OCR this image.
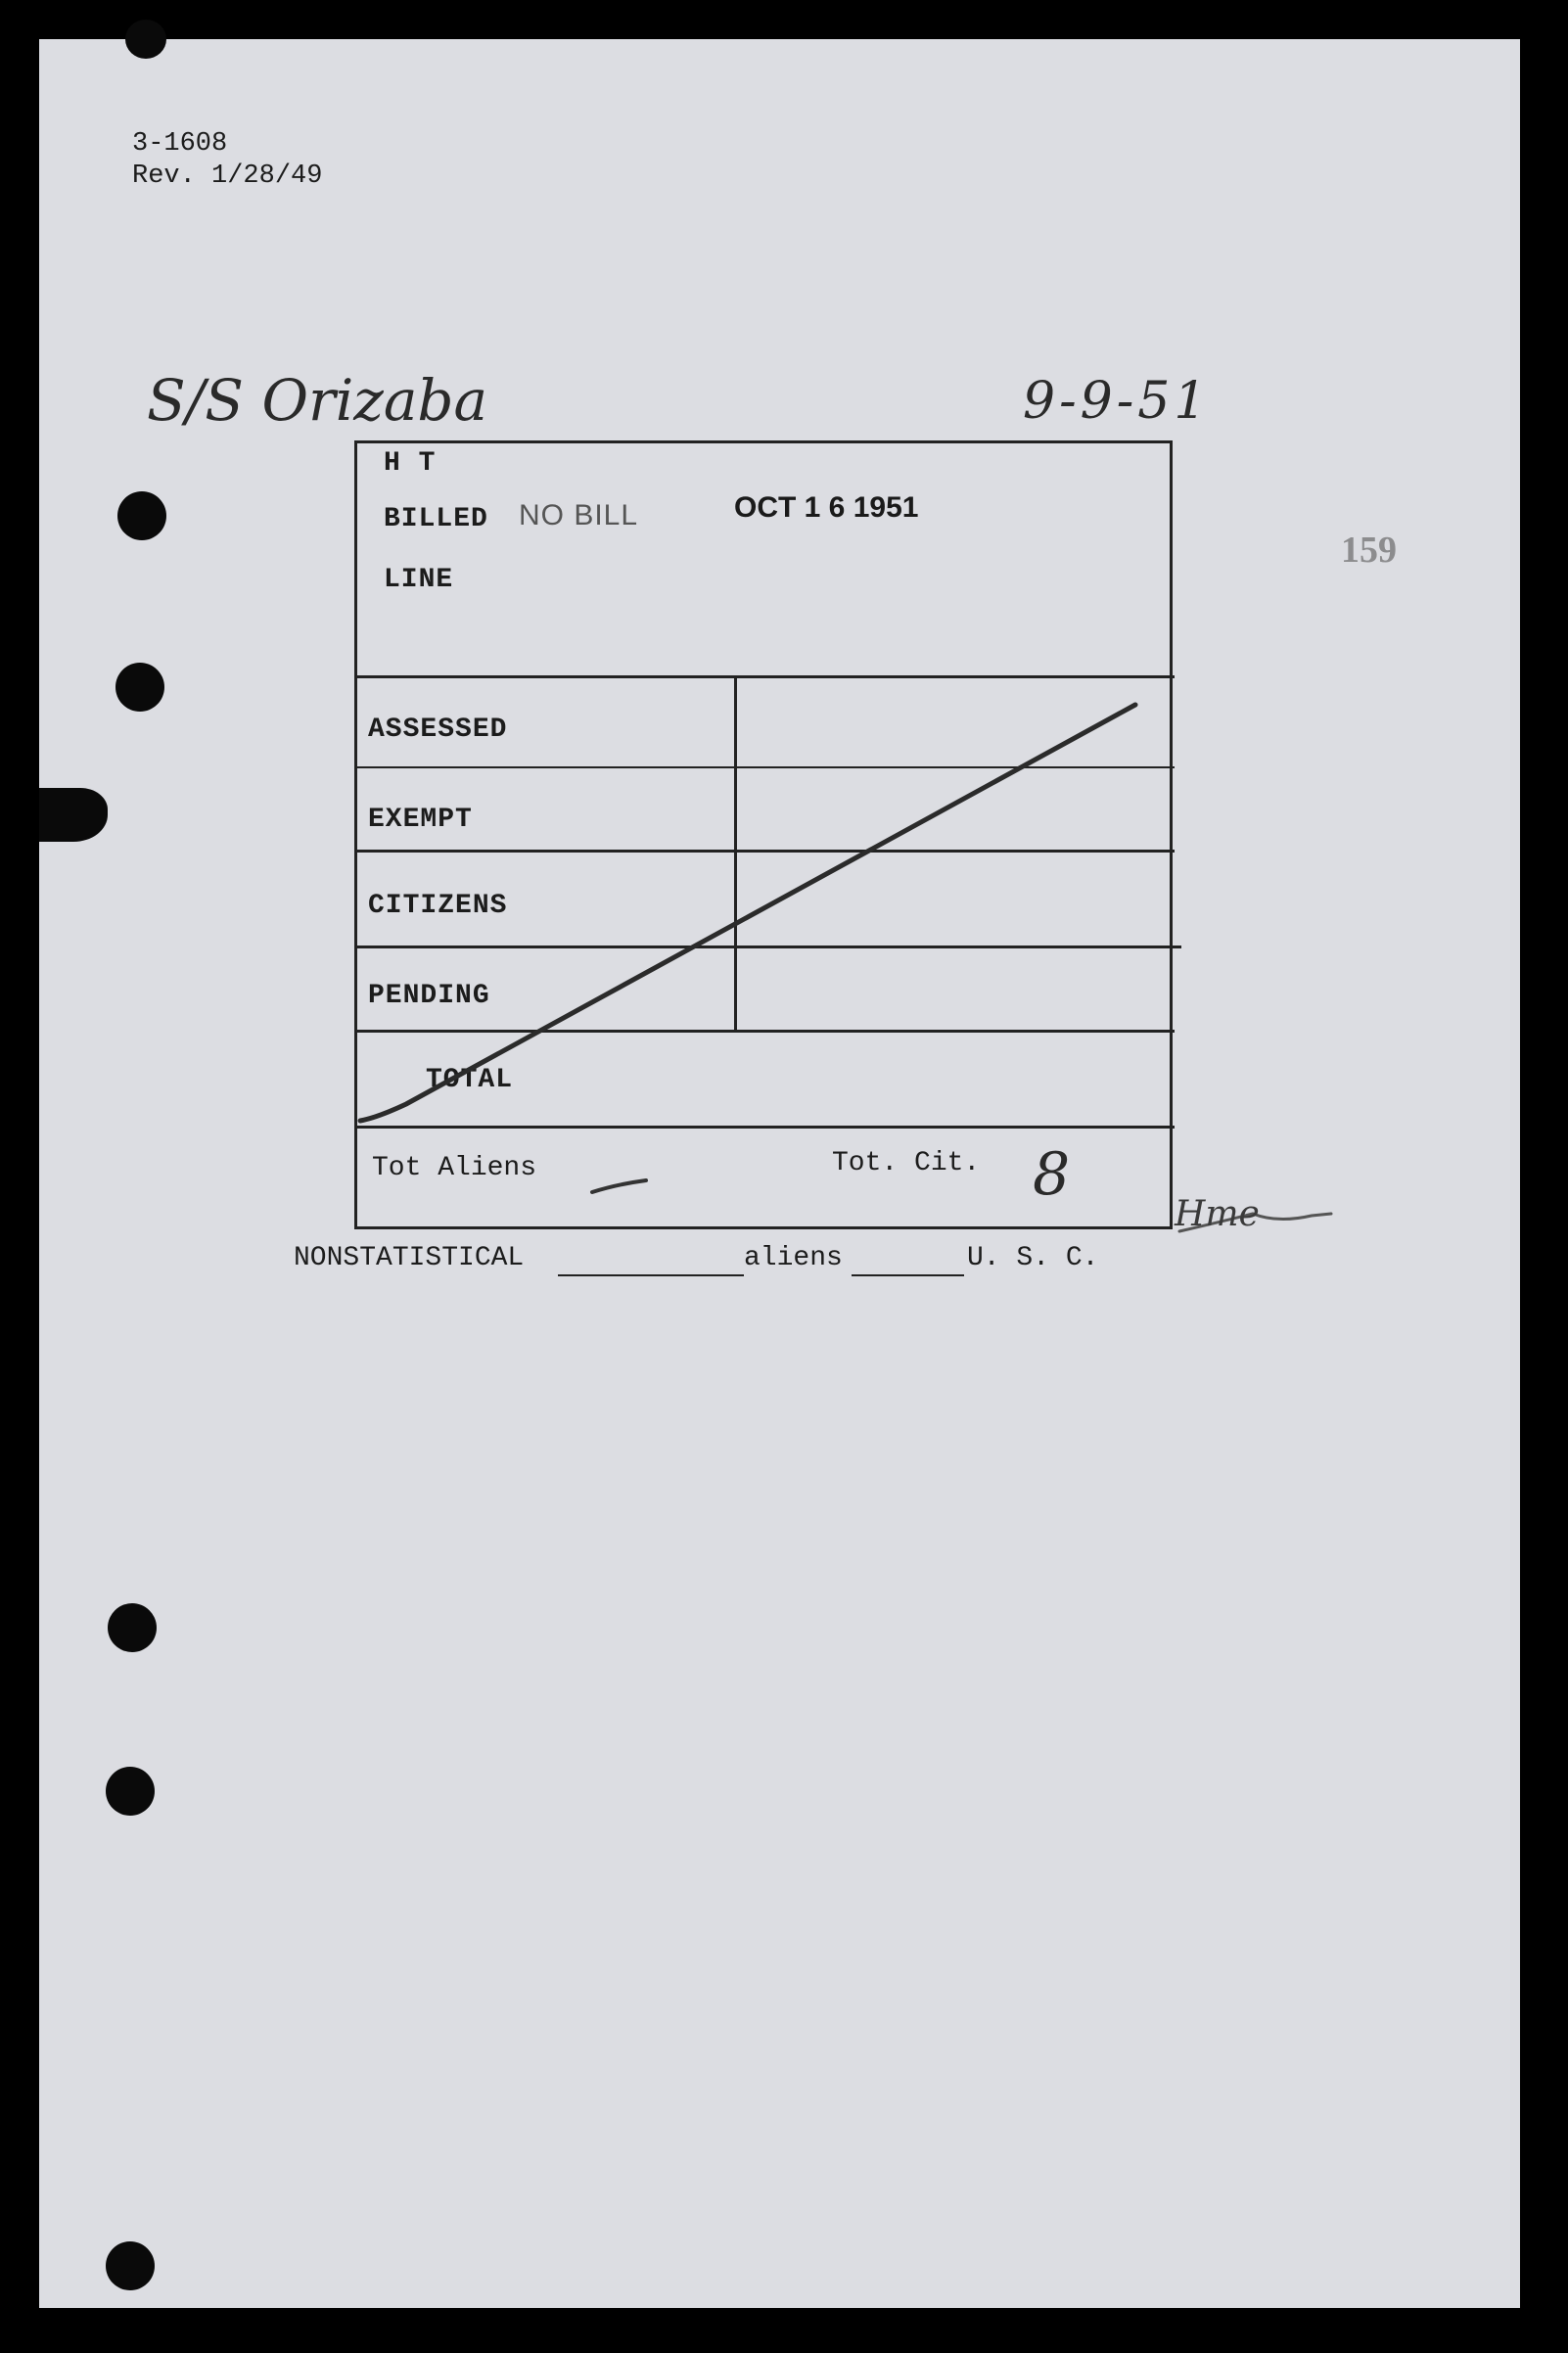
3-1608
Rev. 1/28/49
S/S Orizaba	9-9-51
159
H T
BILLED NO BILL	OCT 1 6 1951
LINE
ASSESSED
EXEMPT
CITIZENS
PENDING
TOTAL
Tot Aliens	Tot. Cit. 8
Hme
NONSTATISTICAL	aliens	U. S. C.
